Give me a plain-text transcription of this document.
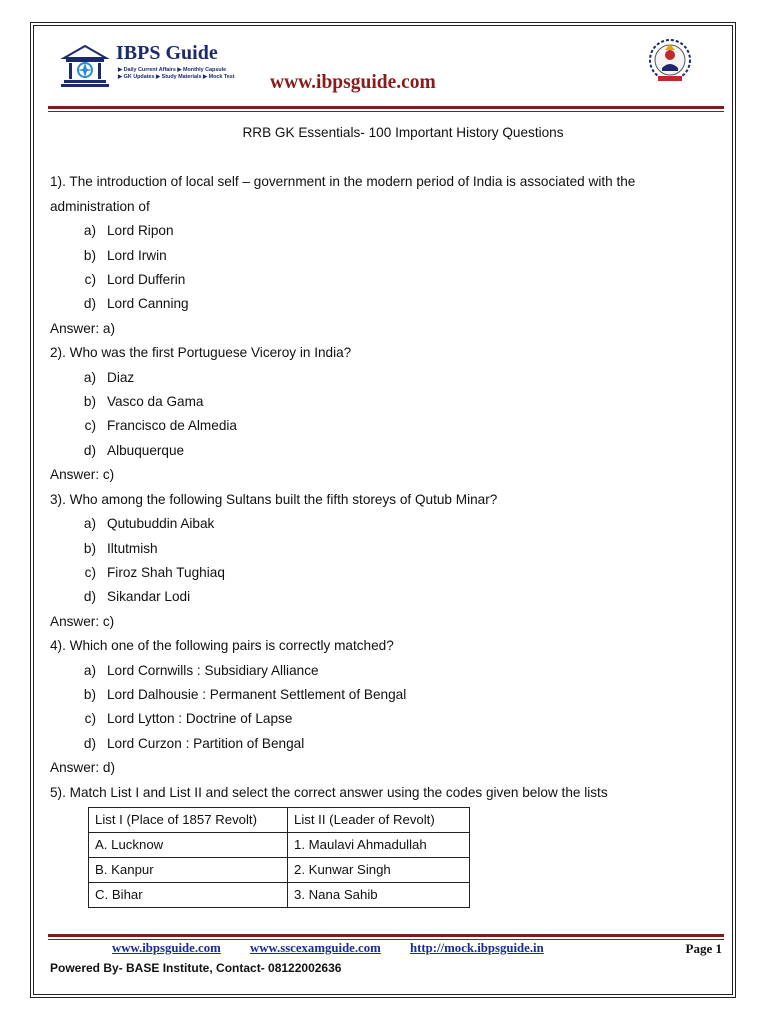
IBPS Guide
▶ Daily Current Affairs ▶ Monthly Capsule
▶ GK Updates ▶ Study Materials ▶ Mock Test www.ibpsguide.com
RRB GK Essentials- 100 Important History Questions

1). The introduction of local self – government in the modern period of India is associated with the

administration of

a) Lord Ripon
b) Lord Irwin
c) Lord Dufferin
d) Lord Canning

Answer: a)

2). Who was the first Portuguese Viceroy in India?

a) Diaz
b) Vasco da Gama
c) Francisco de Almedia
d) Albuquerque

Answer: c)

3). Who among the following Sultans built the fifth storeys of Qutub Minar?

a) Qutubuddin Aibak
b) Iltutmish
c) Firoz Shah Tughiaq
d) Sikandar Lodi

Answer: c)

4). Which one of the following pairs is correctly matched?

a) Lord Cornwills : Subsidiary Alliance
b) Lord Dalhousie : Permanent Settlement of Bengal
c) Lord Lytton : Doctrine of Lapse
d) Lord Curzon : Partition of Bengal

Answer: d)

5). Match List I and List II and select the correct answer using the codes given below the lists

List I (Place of 1857 Revolt)	List II (Leader of Revolt)
A. Lucknow	1. Maulavi Ahmadullah
B. Kanpur	2. Kunwar Singh
C. Bihar	3. Nana Sahib
www.ibpsguide.com www.sscexamguide.com http://mock.ibpsguide.in	Page 1
Powered By- BASE Institute, Contact- 08122002636
